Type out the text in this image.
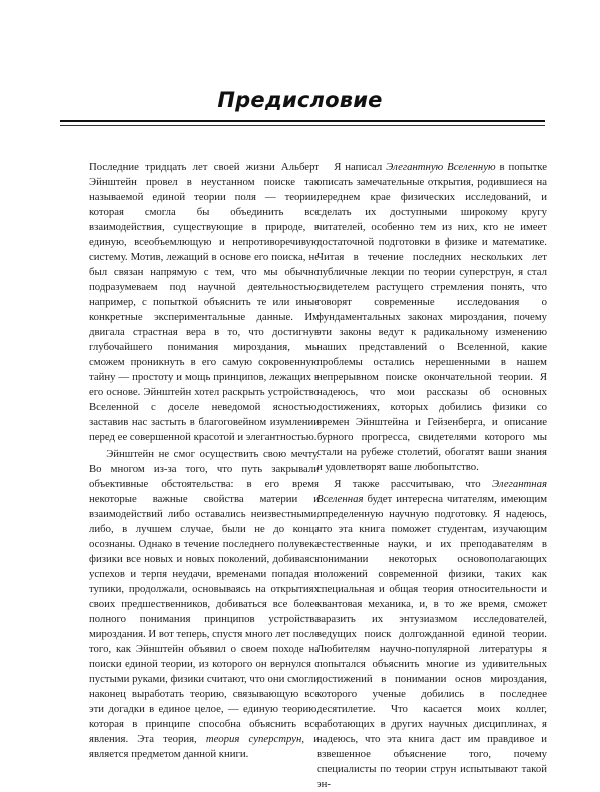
Предисловие

Последние тридцать лет своей жизни Альберт Эйнштейн провел в неустанном поиске так называемой единой теории поля — теории, которая смогла бы объединить все взаимодействия, существующие в природе, в единую, всеобъемлющую и непротиворечивую систему. Мотив, лежащий в основе его поиска, не был связан напрямую с тем, что мы обычно подразумеваем под научной деятельностью, например, с попыткой объяснить те или иные конкретные экспериментальные данные. Им двигала страстная вера в то, что достигнув глубочайшего понимания мироздания, мы сможем проникнуть в его самую сокровенную тайну — простоту и мощь принципов, лежащих в его основе. Эйнштейн хотел раскрыть устройство Вселенной с доселе неведомой ясностью, заставив нас застыть в благоговейном изумлении перед ее совершенной красотой и элегантностью.

Эйнштейн не смог осуществить свою мечту. Во многом из-за того, что путь закрывали объективные обстоятельства: в его время некоторые важные свойства материи и взаимодействий либо оставались неизвестными, либо, в лучшем случае, были не до конца осознаны. Однако в течение последнего полувека физики все новых и новых поколений, добиваясь успехов и терпя неудачи, временами попадая в тупики, продолжали, основываясь на открытиях своих предшественников, добиваться все более полного понимания принципов устройства мироздания. И вот теперь, спустя много лет после того, как Эйнштейн объявил о своем походе на поиски единой теории, из которого он вернулся с пустыми руками, физики считают, что они смогли наконец выработать теорию, связывающую все эти догадки в единое целое, — единую теорию, которая в принципе способна объяснить все явления. Эта теория, теория суперструн, и является предметом данной книги.

Я написал Элегантную Вселенную в попытке описать замечательные открытия, родившиеся на переднем крае физических исследований, и сделать их доступными широкому кругу читателей, особенно тем из них, кто не имеет достаточной подготовки в физике и математике. Читая в течение последних нескольких лет публичные лекции по теории суперструн, я стал свидетелем растущего стремления понять, что говорят современные исследования о фундаментальных законах мироздания, почему эти законы ведут к радикальному изменению наших представлений о Вселенной, какие проблемы остались нерешенными в нашем непрерывном поиске окончательной теории. Я надеюсь, что мои рассказы об основных достижениях, которых добились физики со времен Эйнштейна и Гейзенберга, и описание бурного прогресса, свидетелями которого мы стали на рубеже столетий, обогатят ваши знания и удовлетворят ваше любопытство.

Я также рассчитываю, что Элегантная Вселенная будет интересна читателям, имеющим определенную научную подготовку. Я надеюсь, что эта книга поможет студентам, изучающим естественные науки, и их преподавателям в понимании некоторых основополагающих положений современной физики, таких как специальная и общая теория относительности и квантовая механика, и, в то же время, сможет заразить их энтузиазмом исследователей, ведущих поиск долгожданной единой теории. Любителям научно-популярной литературы я попытался объяснить многие из удивительных достижений в понимании основ мироздания, которого ученые добились в последнее десятилетие. Что касается моих коллег, работающих в других научных дисциплинах, я надеюсь, что эта книга даст им правдивое и взвешенное объяснение того, почему специалисты по теории струн испытывают такой эн-
